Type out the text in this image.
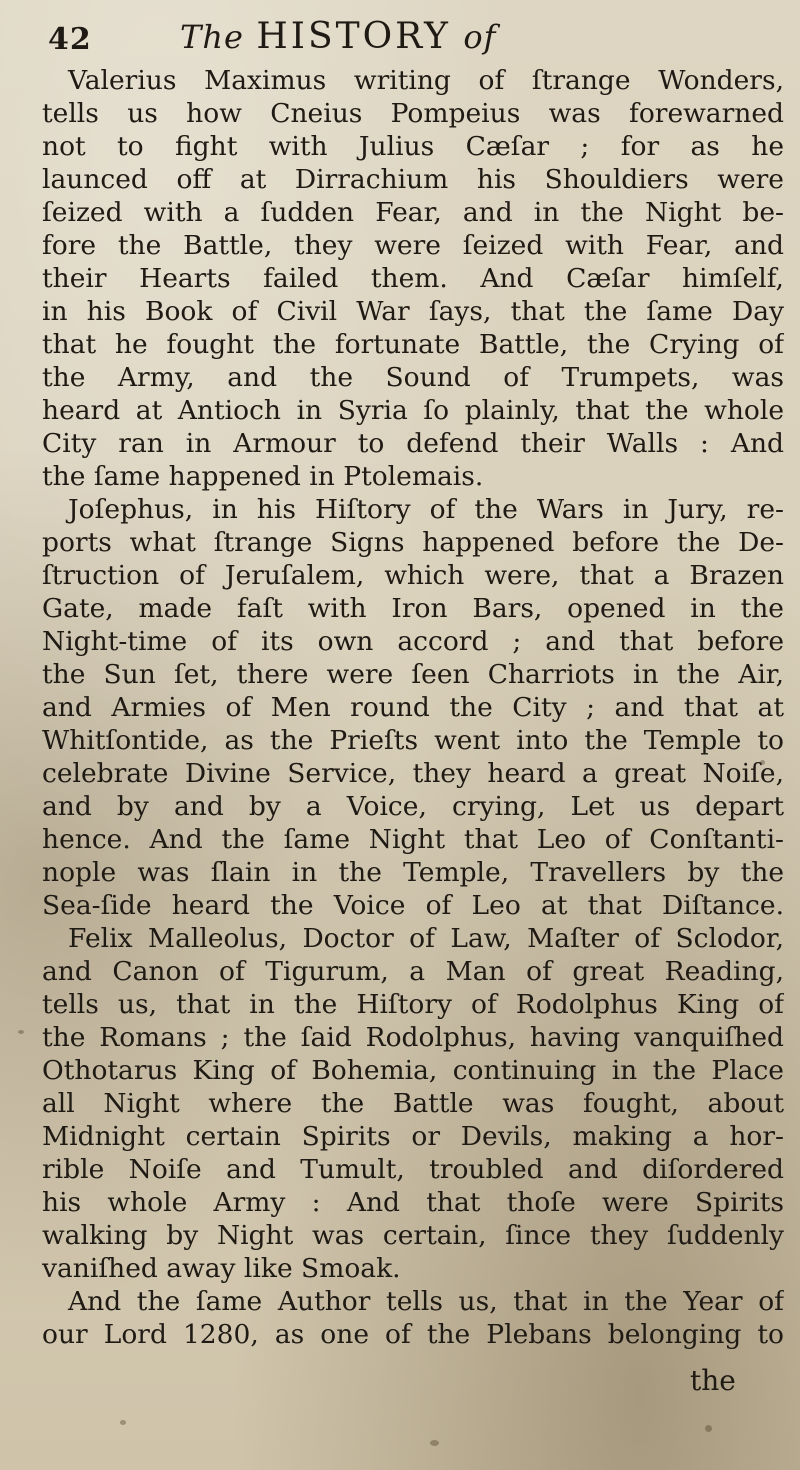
42	The HISTORY of
Valerius Maximus writing of ſtrange Wonders,
tells us how Cneius Pompeius was forewarned
not to fight with Julius Cæſar ; for as he
launced off at Dirrachium his Shouldiers were
ſeized with a ſudden Fear, and in the Night be-
fore the Battle, they were ſeized with Fear, and
their Hearts failed them. And Cæſar himſelf,
in his Book of Civil War ſays, that the ſame Day
that he fought the fortunate Battle, the Crying of
the Army, and the Sound of Trumpets, was
heard at Antioch in Syria ſo plainly, that the whole
City ran in Armour to defend their Walls : And
the ſame happened in Ptolemais.
Joſephus, in his Hiſtory of the Wars in Jury, re-
ports what ſtrange Signs happened before the De-
ſtruction of Jeruſalem, which were, that a Brazen
Gate, made faſt with Iron Bars, opened in the
Night-time of its own accord ; and that before
the Sun ſet, there were ſeen Charriots in the Air,
and Armies of Men round the City ; and that at
Whitſontide, as the Prieſts went into the Temple to
celebrate Divine Service, they heard a great Noiſe,
and by and by a Voice, crying, Let us depart
hence. And the ſame Night that Leo of Conſtanti-
nople was ſlain in the Temple, Travellers by the
Sea-ſide heard the Voice of Leo at that Diſtance.
Felix Malleolus, Doctor of Law, Maſter of Sclodor,
and Canon of Tigurum, a Man of great Reading,
tells us, that in the Hiſtory of Rodolphus King of
the Romans ; the ſaid Rodolphus, having vanquiſhed
Othotarus King of Bohemia, continuing in the Place
all Night where the Battle was fought, about
Midnight certain Spirits or Devils, making a hor-
rible Noiſe and Tumult, troubled and diſordered
his whole Army : And that thoſe were Spirits
walking by Night was certain, ſince they ſuddenly
vaniſhed away like Smoak.
And the ſame Author tells us, that in the Year of
our Lord 1280, as one of the Plebans belonging to
the
